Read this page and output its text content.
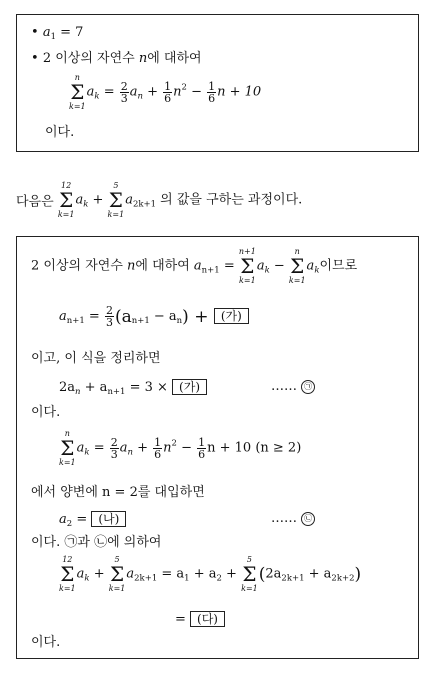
• $a_1 = 7$
• 2 이상의 자연수 n에 대하여
n
Σ
k=1
$a_k = \frac{2}{3} a_n + \frac{1}{6} n^2 - \frac{1}{6}$ n + 10
이다.
다음은
12
Σ
k=1
$a_k$ +
5
Σ
k=1
$a_{2k+1}$ 의 값을 구하는 과정이다.
2 이상의 자연수 n에 대하여 $a_{n+1}$ =
n+1
Σ
k=1
$a_k$ −
n
Σ
k=1
$a_k$이므로
$a_{n+1} = \frac{2}{3} (a_{n+1} - a_n)$ + (가)
이고, 이 식을 정리하면
$2a_n + a_{n+1} = 3$ × (가)	…… ㉠
이다.
n
Σ
k=1
$a_k = \frac{2}{3} a_n + \frac{1}{6} n^2 - \frac{1}{6}$ n + 10 (n ≥ 2)
에서 양변에 n = 2를 대입하면
$a_2$ = (나)	…… ㉡
이다. ㉠과 ㉡에 의하여
12
Σ
k=1
$a_k$ +
5
Σ
k=1
$a_{2k+1} = a_1 + a_2$ +
5
Σ
k=1
$(2a_{2k+1} + a_{2k+2})$
= (다)
이다.
